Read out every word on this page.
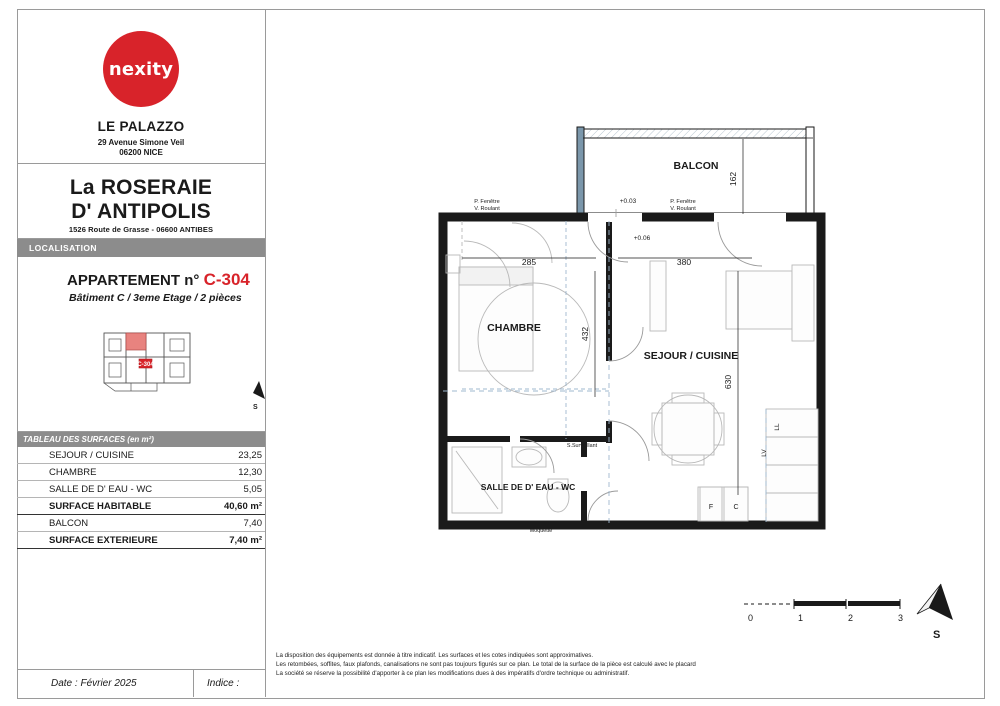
nexity
LE PALAZZO
29 Avenue Simone Veil
06200 NICE
La ROSERAIE
D' ANTIPOLIS
1526 Route de Grasse - 06600 ANTIBES
LOCALISATION
APPARTEMENT n° C-304
Bâtiment C / 3eme Etage / 2 pièces
C-304
S
TABLEAU DES SURFACES (en m²)
SEJOUR / CUISINE	23,25
CHAMBRE	12,30
SALLE DE D' EAU - WC	5,05
SURFACE HABITABLE	40,60 m²
BALCON	7,40
SURFACE EXTERIEURE	7,40 m²
Date : Février 2025	Indice :
BALCON
CHAMBRE
SEJOUR / CUISINE
SALLE DE D' EAU - WC
285	380
432
630
162
+0.03
+0.06
P. Fenêtre
V. Roulant
P. Fenêtre
V. Roulant
S.Surveillant
Moquette
LL
LV
F	C
0	1	2	3
S
La disposition des équipements est donnée à titre indicatif. Les surfaces et les cotes indiquées sont approximatives.
Les retombées, soffites, faux plafonds, canalisations ne sont pas toujours figurés sur ce plan. Le total de la surface de la pièce est calculé avec le placard
La société se réserve la possibilité d'apporter à ce plan les modifications dues à des impératifs d'ordre technique ou administratif.
